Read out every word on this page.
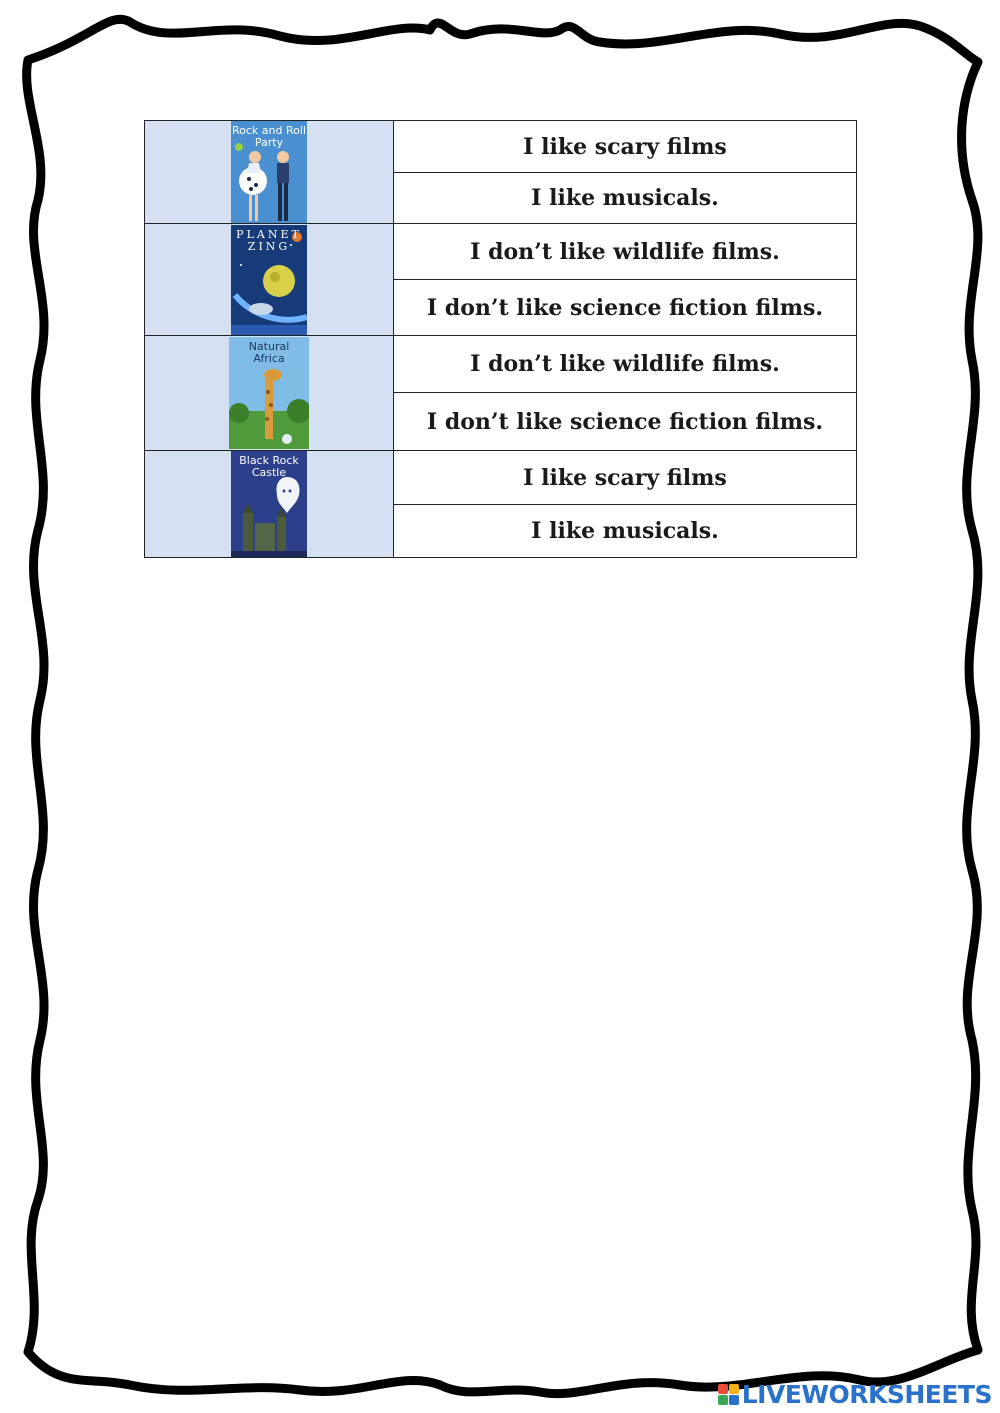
Rock and Roll
Party	I like scary films
	I like musicals.

PLANET
ZING	I don’t like wildlife films.
	I don’t like science fiction films.

Natural
Africa	I don’t like wildlife films.
	I don’t like science fiction films.

Black Rock
Castle	I like scary films
	I like musicals.
LIVEWORKSHEETS
